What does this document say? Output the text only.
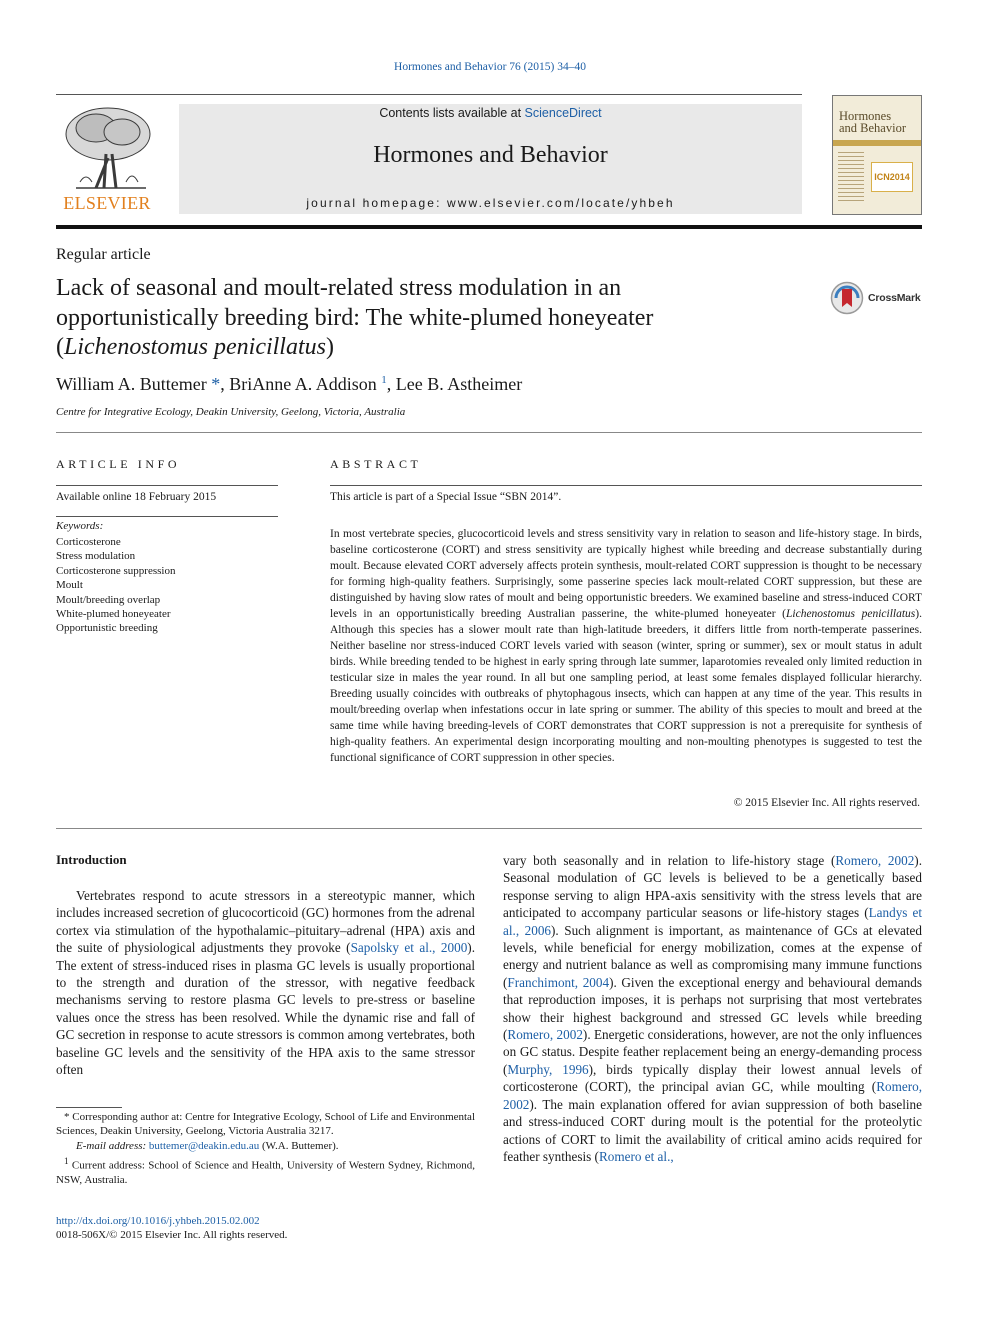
Hormones and Behavior 76 (2015) 34–40
ELSEVIER
Contents lists available at ScienceDirect
Hormones and Behavior
journal homepage: www.elsevier.com/locate/yhbeh
Hormones
and Behavior
ICN2014
Regular article
Lack of seasonal and moult-related stress modulation in an
opportunistically breeding bird: The white-plumed honeyeater
(Lichenostomus penicillatus)
CrossMark
William A. Buttemer *, BriAnne A. Addison $^1$, Lee B. Astheimer
Centre for Integrative Ecology, Deakin University, Geelong, Victoria, Australia
ARTICLE INFO
Available online 18 February 2015
Keywords:
Corticosterone
Stress modulation
Corticosterone suppression
Moult
Moult/breeding overlap
White-plumed honeyeater
Opportunistic breeding
ABSTRACT
This article is part of a Special Issue “SBN 2014”.
In most vertebrate species, glucocorticoid levels and stress sensitivity vary in relation to season and life-history stage. In birds, baseline corticosterone (CORT) and stress sensitivity are typically highest while breeding and decrease substantially during moult. Because elevated CORT adversely affects protein synthesis, moult-related CORT suppression is thought to be necessary for forming high-quality feathers. Surprisingly, some passerine species lack moult-related CORT suppression, but these are distinguished by having slow rates of moult and being opportunistic breeders. We examined baseline and stress-induced CORT levels in an opportunistically breeding Australian passerine, the white-plumed honeyeater (Lichenostomus penicillatus). Although this species has a slower moult rate than high-latitude breeders, it differs little from north-temperate passerines. Neither baseline nor stress-induced CORT levels varied with season (winter, spring or summer), sex or moult status in adult birds. While breeding tended to be highest in early spring through late summer, laparotomies revealed only limited reduction in testicular size in males the year round. In all but one sampling period, at least some females displayed follicular hierarchy. Breeding usually coincides with outbreaks of phytophagous insects, which can happen at any time of the year. This results in moult/breeding overlap when infestations occur in late spring or summer. The ability of this species to moult and breed at the same time while having breeding-levels of CORT demonstrates that CORT suppression is not a prerequisite for synthesis of high-quality feathers. An experimental design incorporating moulting and non-moulting phenotypes is suggested to test the functional significance of CORT suppression in other species.
© 2015 Elsevier Inc. All rights reserved.
Introduction
Vertebrates respond to acute stressors in a stereotypic manner, which includes increased secretion of glucocorticoid (GC) hormones from the adrenal cortex via stimulation of the hypothalamic–pituitary–adrenal (HPA) axis and the suite of physiological adjustments they provoke (Sapolsky et al., 2000). The extent of stress-induced rises in plasma GC levels is usually proportional to the strength and duration of the stressor, with negative feedback mechanisms serving to restore plasma GC levels to pre-stress or baseline values once the stress has been resolved. While the dynamic rise and fall of GC secretion in response to acute stressors is common among vertebrates, both baseline GC levels and the sensitivity of the HPA axis to the same stressor often
vary both seasonally and in relation to life-history stage (Romero, 2002). Seasonal modulation of GC levels is believed to be a genetically based response serving to align HPA-axis sensitivity with the stress levels that are anticipated to accompany particular seasons or life-history stages (Landys et al., 2006). Such alignment is important, as maintenance of GCs at elevated levels, while beneficial for energy mobilization, comes at the expense of energy and nutrient balance as well as compromising many immune functions (Franchimont, 2004). Given the exceptional energy and behavioural demands that reproduction imposes, it is perhaps not surprising that most vertebrates show their highest background and stressed GC levels while breeding (Romero, 2002). Energetic considerations, however, are not the only influences on GC status. Despite feather replacement being an energy-demanding process (Murphy, 1996), birds typically display their lowest annual levels of corticosterone (CORT), the principal avian GC, while moulting (Romero, 2002). The main explanation offered for avian suppression of both baseline and stress-induced CORT during moult is the potential for the proteolytic actions of CORT to limit the availability of critical amino acids required for feather synthesis (Romero et al.,
* Corresponding author at: Centre for Integrative Ecology, School of Life and Environmental Sciences, Deakin University, Geelong, Victoria Australia 3217.
E-mail address: buttemer@deakin.edu.au (W.A. Buttemer).
$^1$ Current address: School of Science and Health, University of Western Sydney, Richmond, NSW, Australia.
http://dx.doi.org/10.1016/j.yhbeh.2015.02.002
0018-506X/© 2015 Elsevier Inc. All rights reserved.
